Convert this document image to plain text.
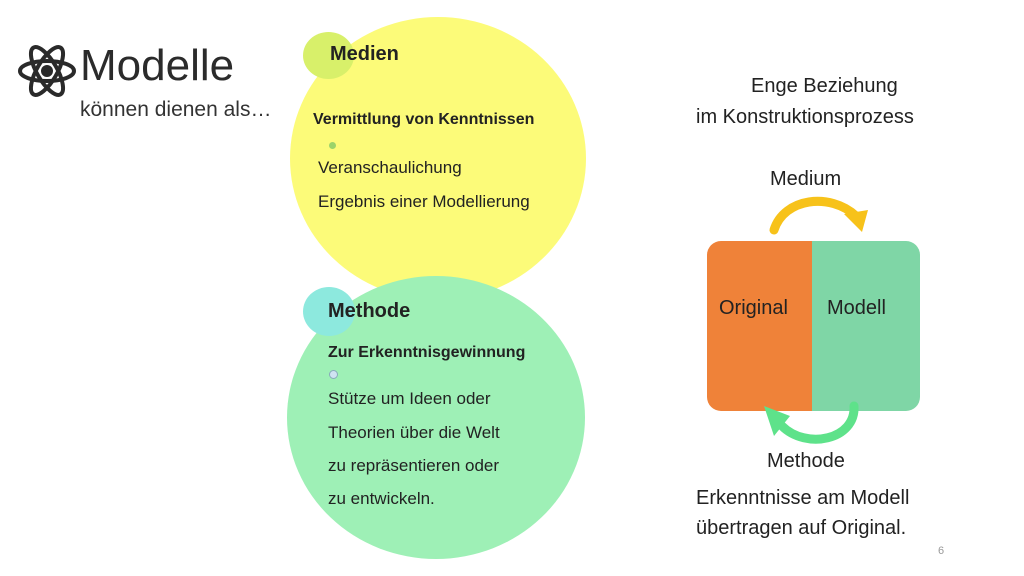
Modelle
können dienen als…
Medien
Vermittlung von Kenntnissen
Veranschaulichung
Ergebnis einer Modellierung
Methode
Zur Erkenntnisgewinnung
Stütze um Ideen oder
Theorien über die Welt
zu repräsentieren oder
zu entwickeln.
Enge Beziehung
im Konstruktionsprozess
Medium
Original Modell
Methode
Erkenntnisse am Modell
übertragen auf Original.
6
